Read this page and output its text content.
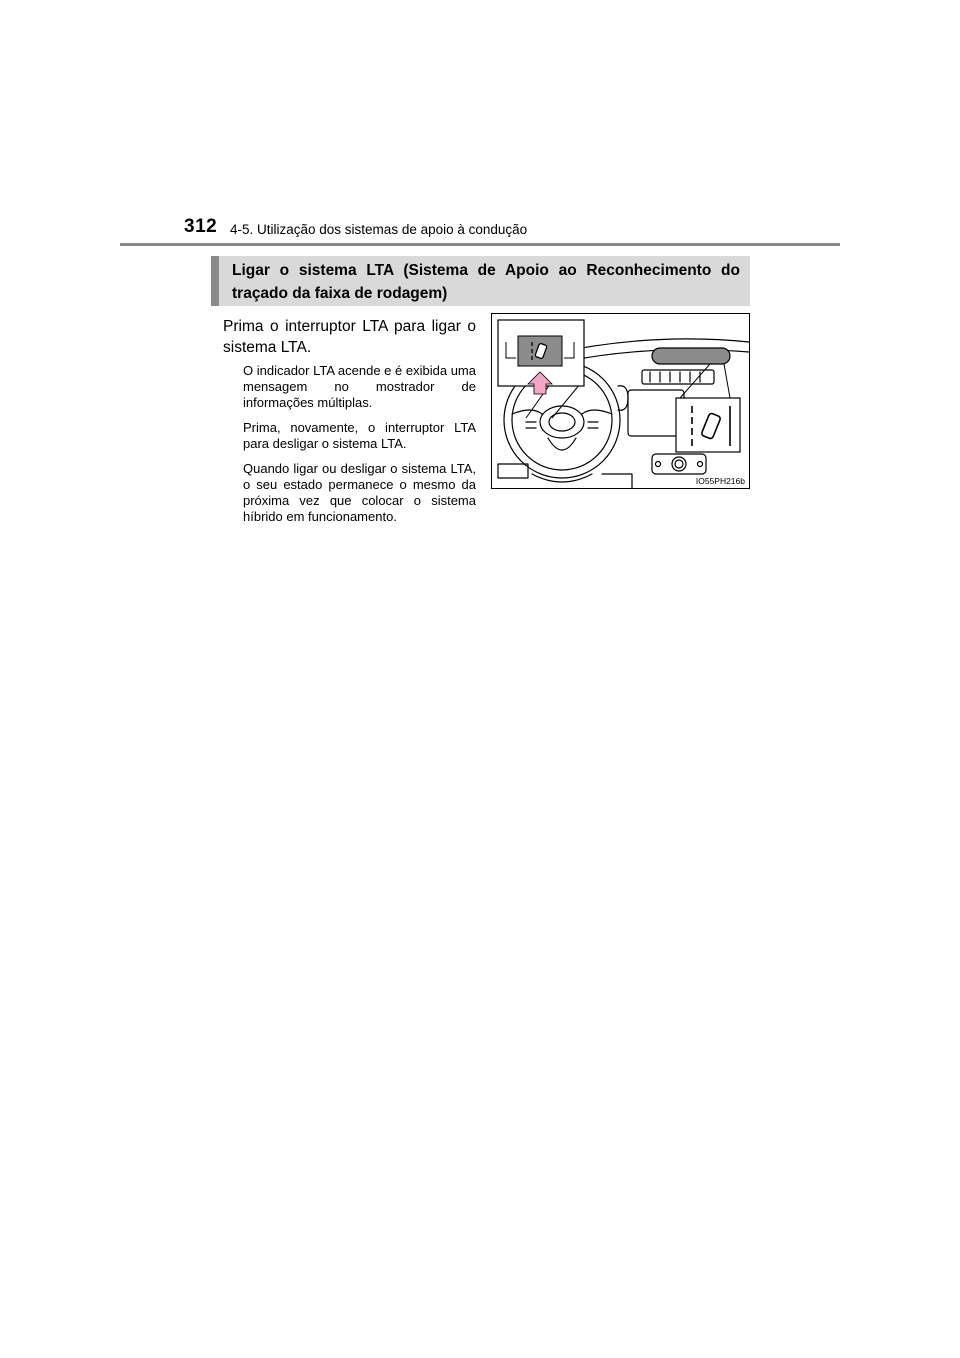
312 4-5. Utilização dos sistemas de apoio à condução
Ligar o sistema LTA (Sistema de Apoio ao Reconhecimento do traçado da faixa de rodagem)

Prima o interruptor LTA para ligar o sistema LTA.

O indicador LTA acende e é exibida uma mensagem no mostrador de informações múltiplas.

Prima, novamente, o interruptor LTA para desligar o sistema LTA.

Quando ligar ou desligar o sistema LTA, o seu estado permanece o mesmo da próxima vez que colocar o sistema híbrido em funcionamento.

IO55PH216b
